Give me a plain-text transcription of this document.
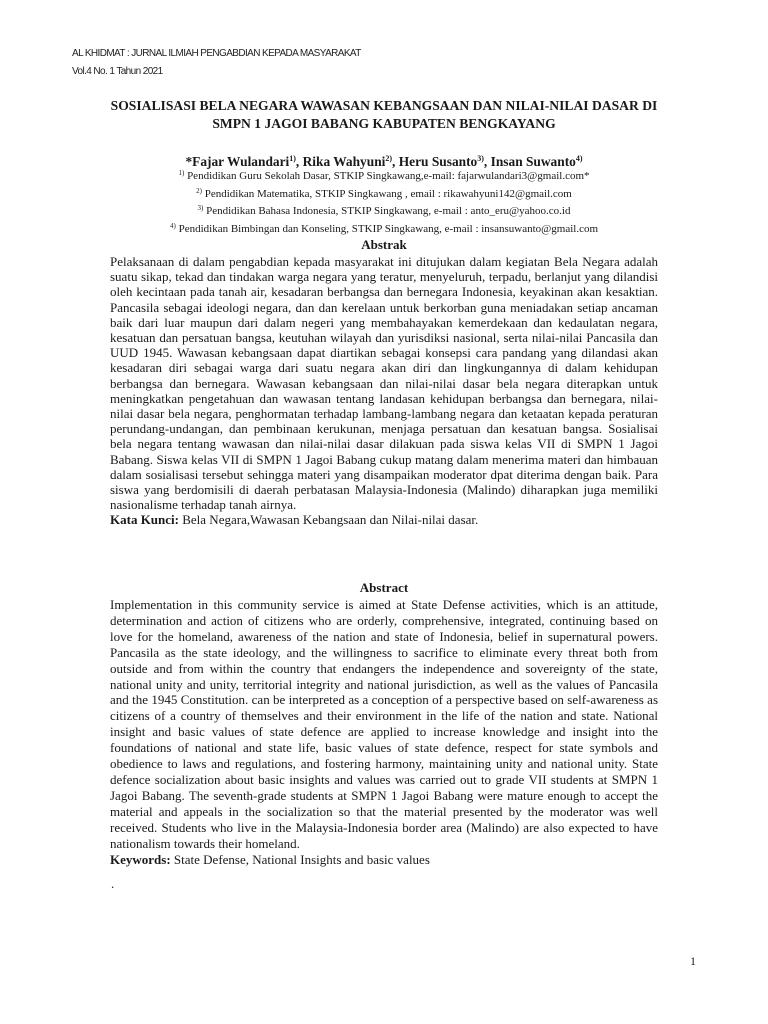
AL KHIDMAT : JURNAL ILMIAH PENGABDIAN KEPADA MASYARAKAT
Vol.4 No. 1 Tahun 2021
SOSIALISASI BELA NEGARA WAWASAN KEBANGSAAN DAN NILAI-NILAI DASAR DI SMPN 1 JAGOI BABANG KABUPATEN BENGKAYANG
*Fajar Wulandari$^{1)}$, Rika Wahyuni$^{2)}$, Heru Susanto$^{3)}$, Insan Suwanto$^{4)}$
$^{1)}$ Pendidikan Guru Sekolah Dasar, STKIP Singkawang,e-mail: fajarwulandari3@gmail.com*
$^{2)}$ Pendidikan Matematika, STKIP Singkawang , email : rikawahyuni142@gmail.com
$^{3)}$ Pendidikan Bahasa Indonesia, STKIP Singkawang, e-mail : anto_eru@yahoo.co.id
$^{4)}$ Pendidikan Bimbingan dan Konseling, STKIP Singkawang, e-mail : insansuwanto@gmail.com
Abstrak
Pelaksanaan di dalam pengabdian kepada masyarakat ini ditujukan dalam kegiatan Bela Negara adalah suatu sikap, tekad dan tindakan warga negara yang teratur, menyeluruh, terpadu, berlanjut yang dilandisi oleh kecintaan pada tanah air, kesadaran berbangsa dan bernegara Indonesia, keyakinan akan kesaktian. Pancasila sebagai ideologi negara, dan dan kerelaan untuk berkorban guna meniadakan setiap ancaman baik dari luar maupun dari dalam negeri yang membahayakan kemerdekaan dan kedaulatan negara, kesatuan dan persatuan bangsa, keutuhan wilayah dan yurisdiksi nasional, serta nilai-nilai Pancasila dan UUD 1945. Wawasan kebangsaan dapat diartikan sebagai konsepsi cara pandang yang dilandasi akan kesadaran diri sebagai warga dari suatu negara akan diri dan lingkungannya di dalam kehidupan berbangsa dan bernegara. Wawasan kebangsaan dan nilai-nilai dasar bela negara diterapkan untuk meningkatkan pengetahuan dan wawasan tentang landasan kehidupan berbangsa dan bernegara, nilai-nilai dasar bela negara, penghormatan terhadap lambang-lambang negara dan ketaatan kepada peraturan perundang-undangan, dan pembinaan kerukunan, menjaga persatuan dan kesatuan bangsa. Sosialisai bela negara tentang wawasan dan nilai-nilai dasar dilakuan pada siswa kelas VII di SMPN 1 Jagoi Babang. Siswa kelas VII di SMPN 1 Jagoi Babang cukup matang dalam menerima materi dan himbauan dalam sosialisasi tersebut sehingga materi yang disampaikan moderator dpat diterima dengan baik. Para siswa yang berdomisili di daerah perbatasan Malaysia-Indonesia (Malindo) diharapkan juga memiliki nasionalisme terhadap tanah airnya.
Kata Kunci: Bela Negara,Wawasan Kebangsaan dan Nilai-nilai dasar.
Abstract
Implementation in this community service is aimed at State Defense activities, which is an attitude, determination and action of citizens who are orderly, comprehensive, integrated, continuing based on love for the homeland, awareness of the nation and state of Indonesia, belief in supernatural powers. Pancasila as the state ideology, and the willingness to sacrifice to eliminate every threat both from outside and from within the country that endangers the independence and sovereignty of the state, national unity and unity, territorial integrity and national jurisdiction, as well as the values of Pancasila and the 1945 Constitution. can be interpreted as a conception of a perspective based on self-awareness as citizens of a country of themselves and their environment in the life of the nation and state. National insight and basic values of state defence are applied to increase knowledge and insight into the foundations of national and state life, basic values of state defence, respect for state symbols and obedience to laws and regulations, and fostering harmony, maintaining unity and national unity. State defence socialization about basic insights and values was carried out to grade VII students at SMPN 1 Jagoi Babang. The seventh-grade students at SMPN 1 Jagoi Babang were mature enough to accept the material and appeals in the socialization so that the material presented by the moderator was well received. Students who live in the Malaysia-Indonesia border area (Malindo) are also expected to have nationalism towards their homeland.
Keywords: State Defense, National Insights and basic values
.
1
